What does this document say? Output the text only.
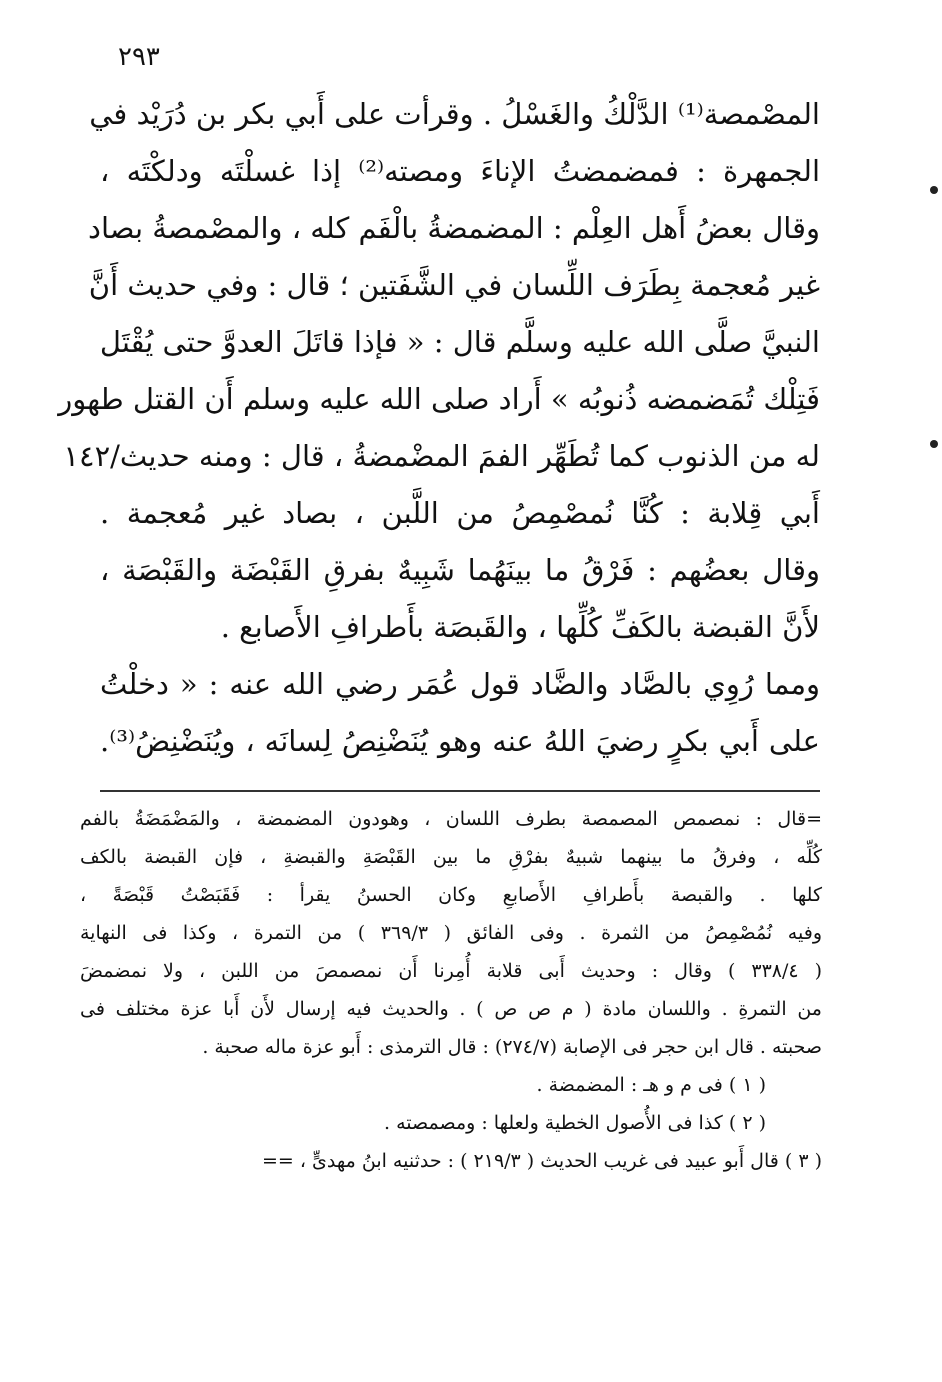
٢٩٣
المصْمصة⁽¹⁾ الدَّلْكُ والغَسْلُ . وقرأت على أَبي بكر بن دُرَيْد في
الجمهرة : فمضمضتُ الإناءَ ومصته⁽²⁾ إذا غسلْتَه ودلكْتَه ،
وقال بعضُ أَهل العِلْم : المضمضةُ بالْفَم كله ، والمصْمصةُ بصاد
غير مُعجمة بِطَرَف اللِّسان في الشَّفَتين ؛ قال : وفي حديث أَنَّ
النبيَّ صلَّى الله عليه وسلَّم قال : « فإذا قاتَلَ العدوَّ حتى يُقْتَل
فَتِلْك تُمَضمضه ذُنوبُه » أَراد صلى الله عليه وسلم أَن القتل طهور
له من الذنوب كما تُطَهِّر الفمَ المضْمضةُ ، قال : ومنه حديث/١٤٢
أَبي قِلابة : كُنَّا نُمصْمِصُ من اللَّبن ، بصاد غير مُعجمة .
وقال بعضُهم : فَرْقُ ما بينَهُما شَبِيهٌ بفرقِ القَبْضَة والقَبْصَة ،
لأَنَّ القبضة بالكَفِّ كُلِّها ، والقَبصَة بأَطرافِ الأَصابع .
ومما رُوِي بالصَّاد والضَّاد قول عُمَر رضي الله عنه : « دخلْتُ
على أَبي بكرٍ رضيَ اللهُ عنه وهو يُنَضْنِصُ لِسانَه ، ويُنَضْنِضُ⁽³⁾.
=قال : نمصمص المصمصة بطرف اللسان ، وهودون المضمضة ، والمَضْمَضَةُ بالفم
كُلِّه ، وفرقُ ما بينهما شبيهٌ بفرْقِ ما بين القَبْصَةِ والقبضةِ ، فإن القبضة بالكف
كلها . والقبصة بأَطرافِ الأَصابعِ وكان الحسنُ يقرأ : فَقَبَصْتُ قَبْصَةً ،
وفيه نُمُصْمِصُ من الثمرة . وفى الفائق ( ٣٦٩/٣ ) من التمرة ، وكذا فى النهاية
( ٣٣٨/٤ ) وقال : وحديث أَبى قلابة أُمِرنا أَن نمصمصَ من اللبن ، ولا نمضمضَ
من التمرةِ . واللسان مادة ( م ص ص ) . والحديث فيه إرسال لأَن أَبا عزة مختلف فى
صحبته . قال ابن حجر فى الإصابة (٢٧٤/٧) : قال الترمذى : أَبو عزة ماله صحبة .
( ١ ) فى م و هـ : المضمضة .
( ٢ ) كذا فى الأُصول الخطية ولعلها : ومصمصته .
( ٣ ) قال أَبو عبيد فى غريب الحديث ( ٢١٩/٣ ) : حدثنيه ابنُ مهدىٍّ ، ==
